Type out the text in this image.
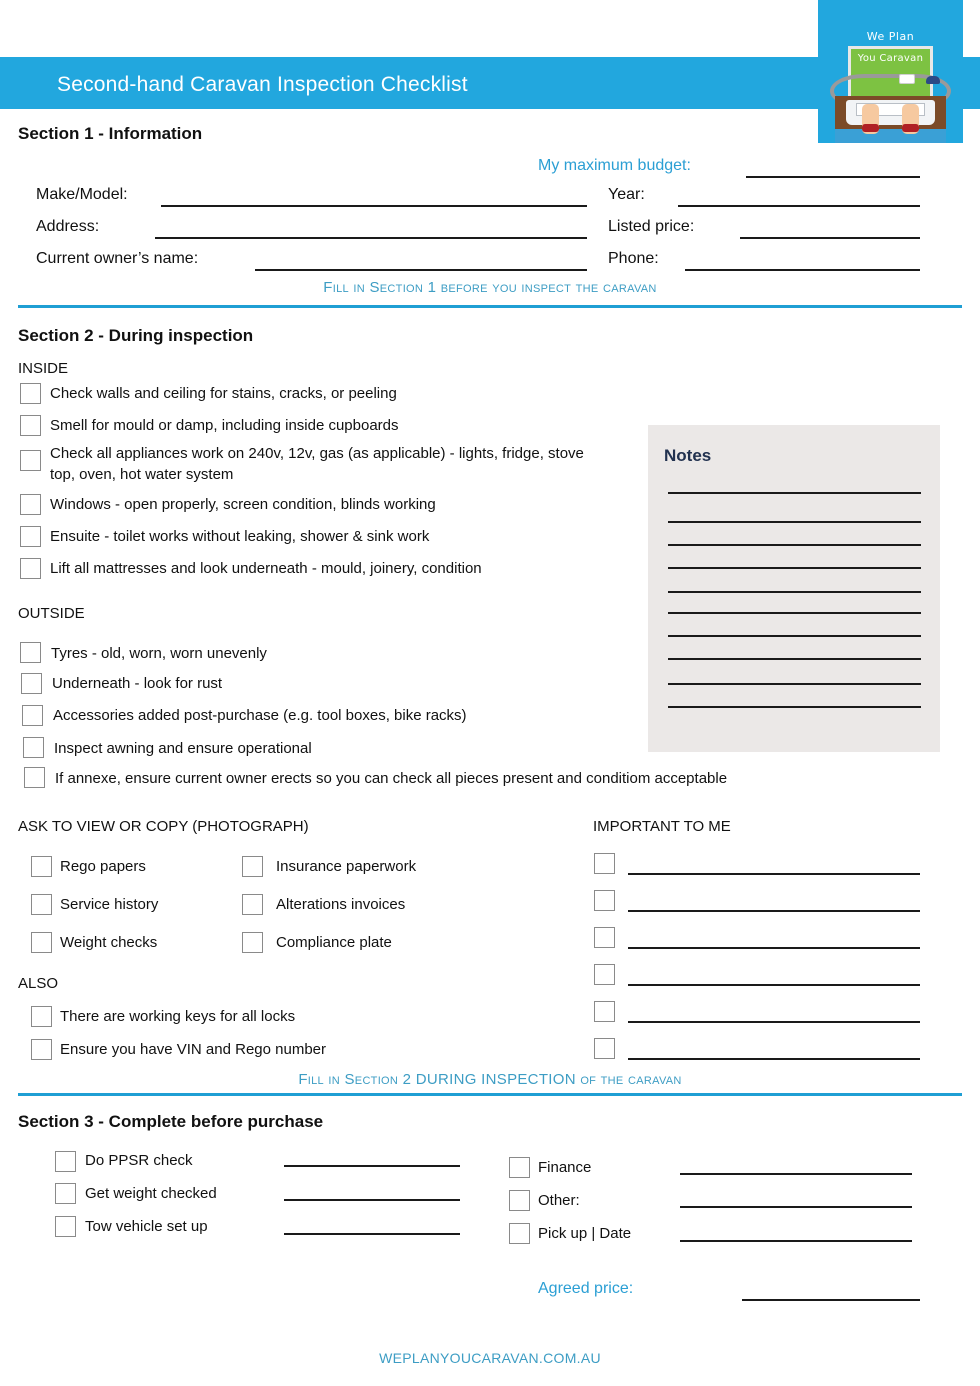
Second-hand Caravan Inspection Checklist
We Plan
You Caravan
Section 1 - Information
My maximum budget:
Make/Model:
Address:
Current owner’s name:
Year:
Listed price:
Phone:
Fill in Section 1 before you inspect the caravan
Section 2 - During inspection
INSIDE
Check walls and ceiling for stains, cracks, or peeling
Smell for mould or damp, including inside cupboards
Check all appliances work on 240v, 12v, gas (as applicable) - lights, fridge, stove top, oven, hot water system
Windows - open properly, screen condition, blinds working
Ensuite - toilet works without leaking, shower & sink work
Lift all mattresses and look underneath - mould, joinery, condition
OUTSIDE
Tyres - old, worn, worn unevenly
Underneath - look for rust
Accessories added post-purchase (e.g. tool boxes, bike racks)
Inspect awning and ensure operational
If annexe, ensure current owner erects so you can check all pieces present and conditiom acceptable
Notes
ASK TO VIEW OR COPY (PHOTOGRAPH)
Rego papers
Service history
Weight checks
Insurance paperwork
Alterations invoices
Compliance plate
ALSO
There are working keys for all locks
Ensure you have VIN and Rego number
IMPORTANT TO ME
Fill in Section 2 DURING INSPECTION of the caravan
Section 3 - Complete before purchase
Do PPSR check
Get weight checked
Tow vehicle set up
Finance
Other:
Pick up | Date
Agreed price:
WEPLANYOUCARAVAN.COM.AU
